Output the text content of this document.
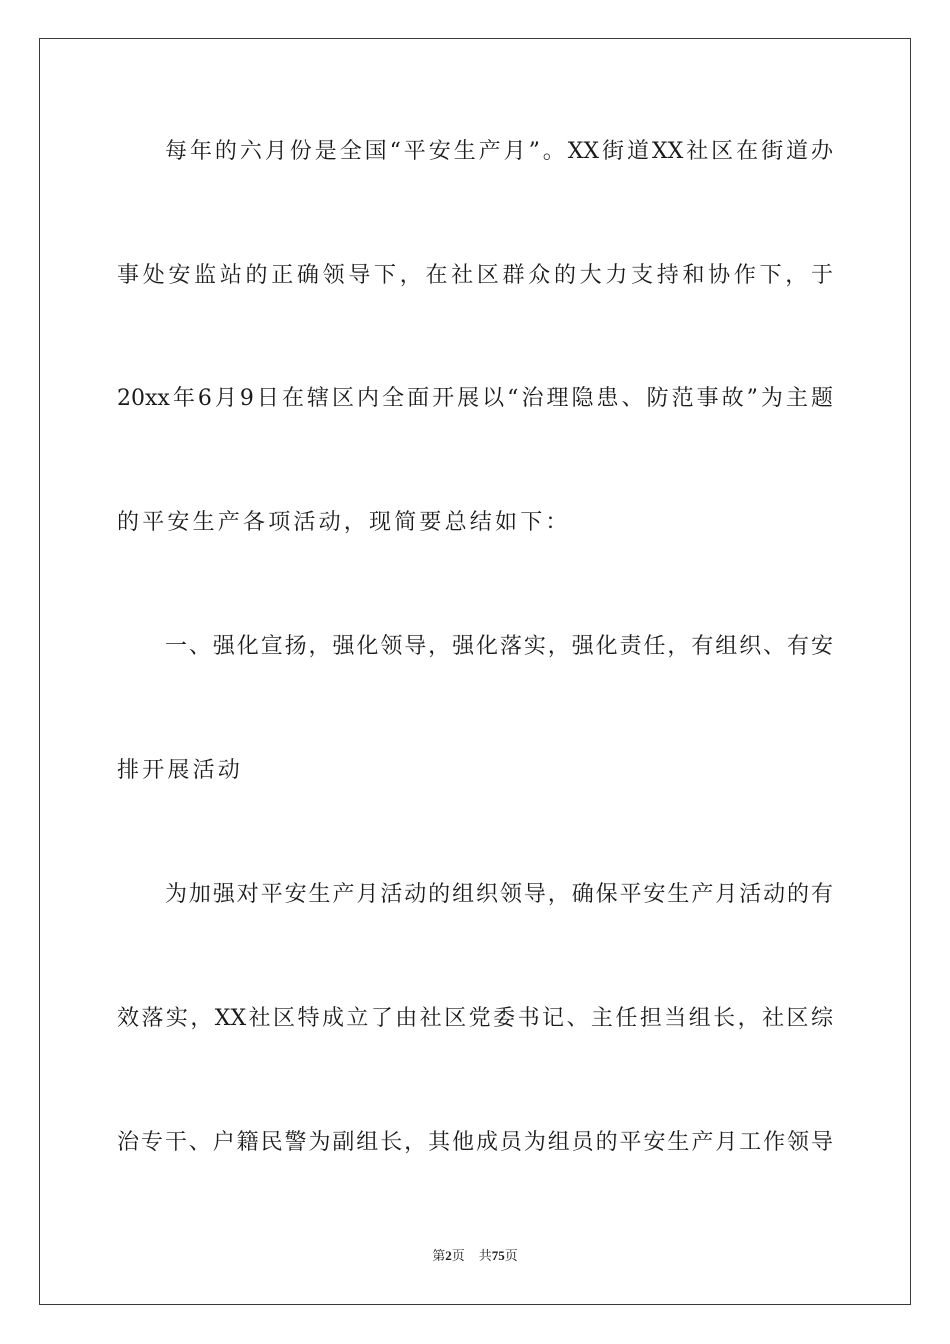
每年的六月份是全国“平安生产月”。XX街道XX社区在街道办
事处安监站的正确领导下，在社区群众的大力支持和协作下，于
20xx年6月9日在辖区内全面开展以“治理隐患、防范事故”为主题
的平安生产各项活动，现简要总结如下：
一、强化宣扬，强化领导，强化落实，强化责任，有组织、有安
排开展活动
为加强对平安生产月活动的组织领导，确保平安生产月活动的有
效落实，XX社区特成立了由社区党委书记、主任担当组长，社区综
治专干、户籍民警为副组长，其他成员为组员的平安生产月工作领导
第2页 共75页
